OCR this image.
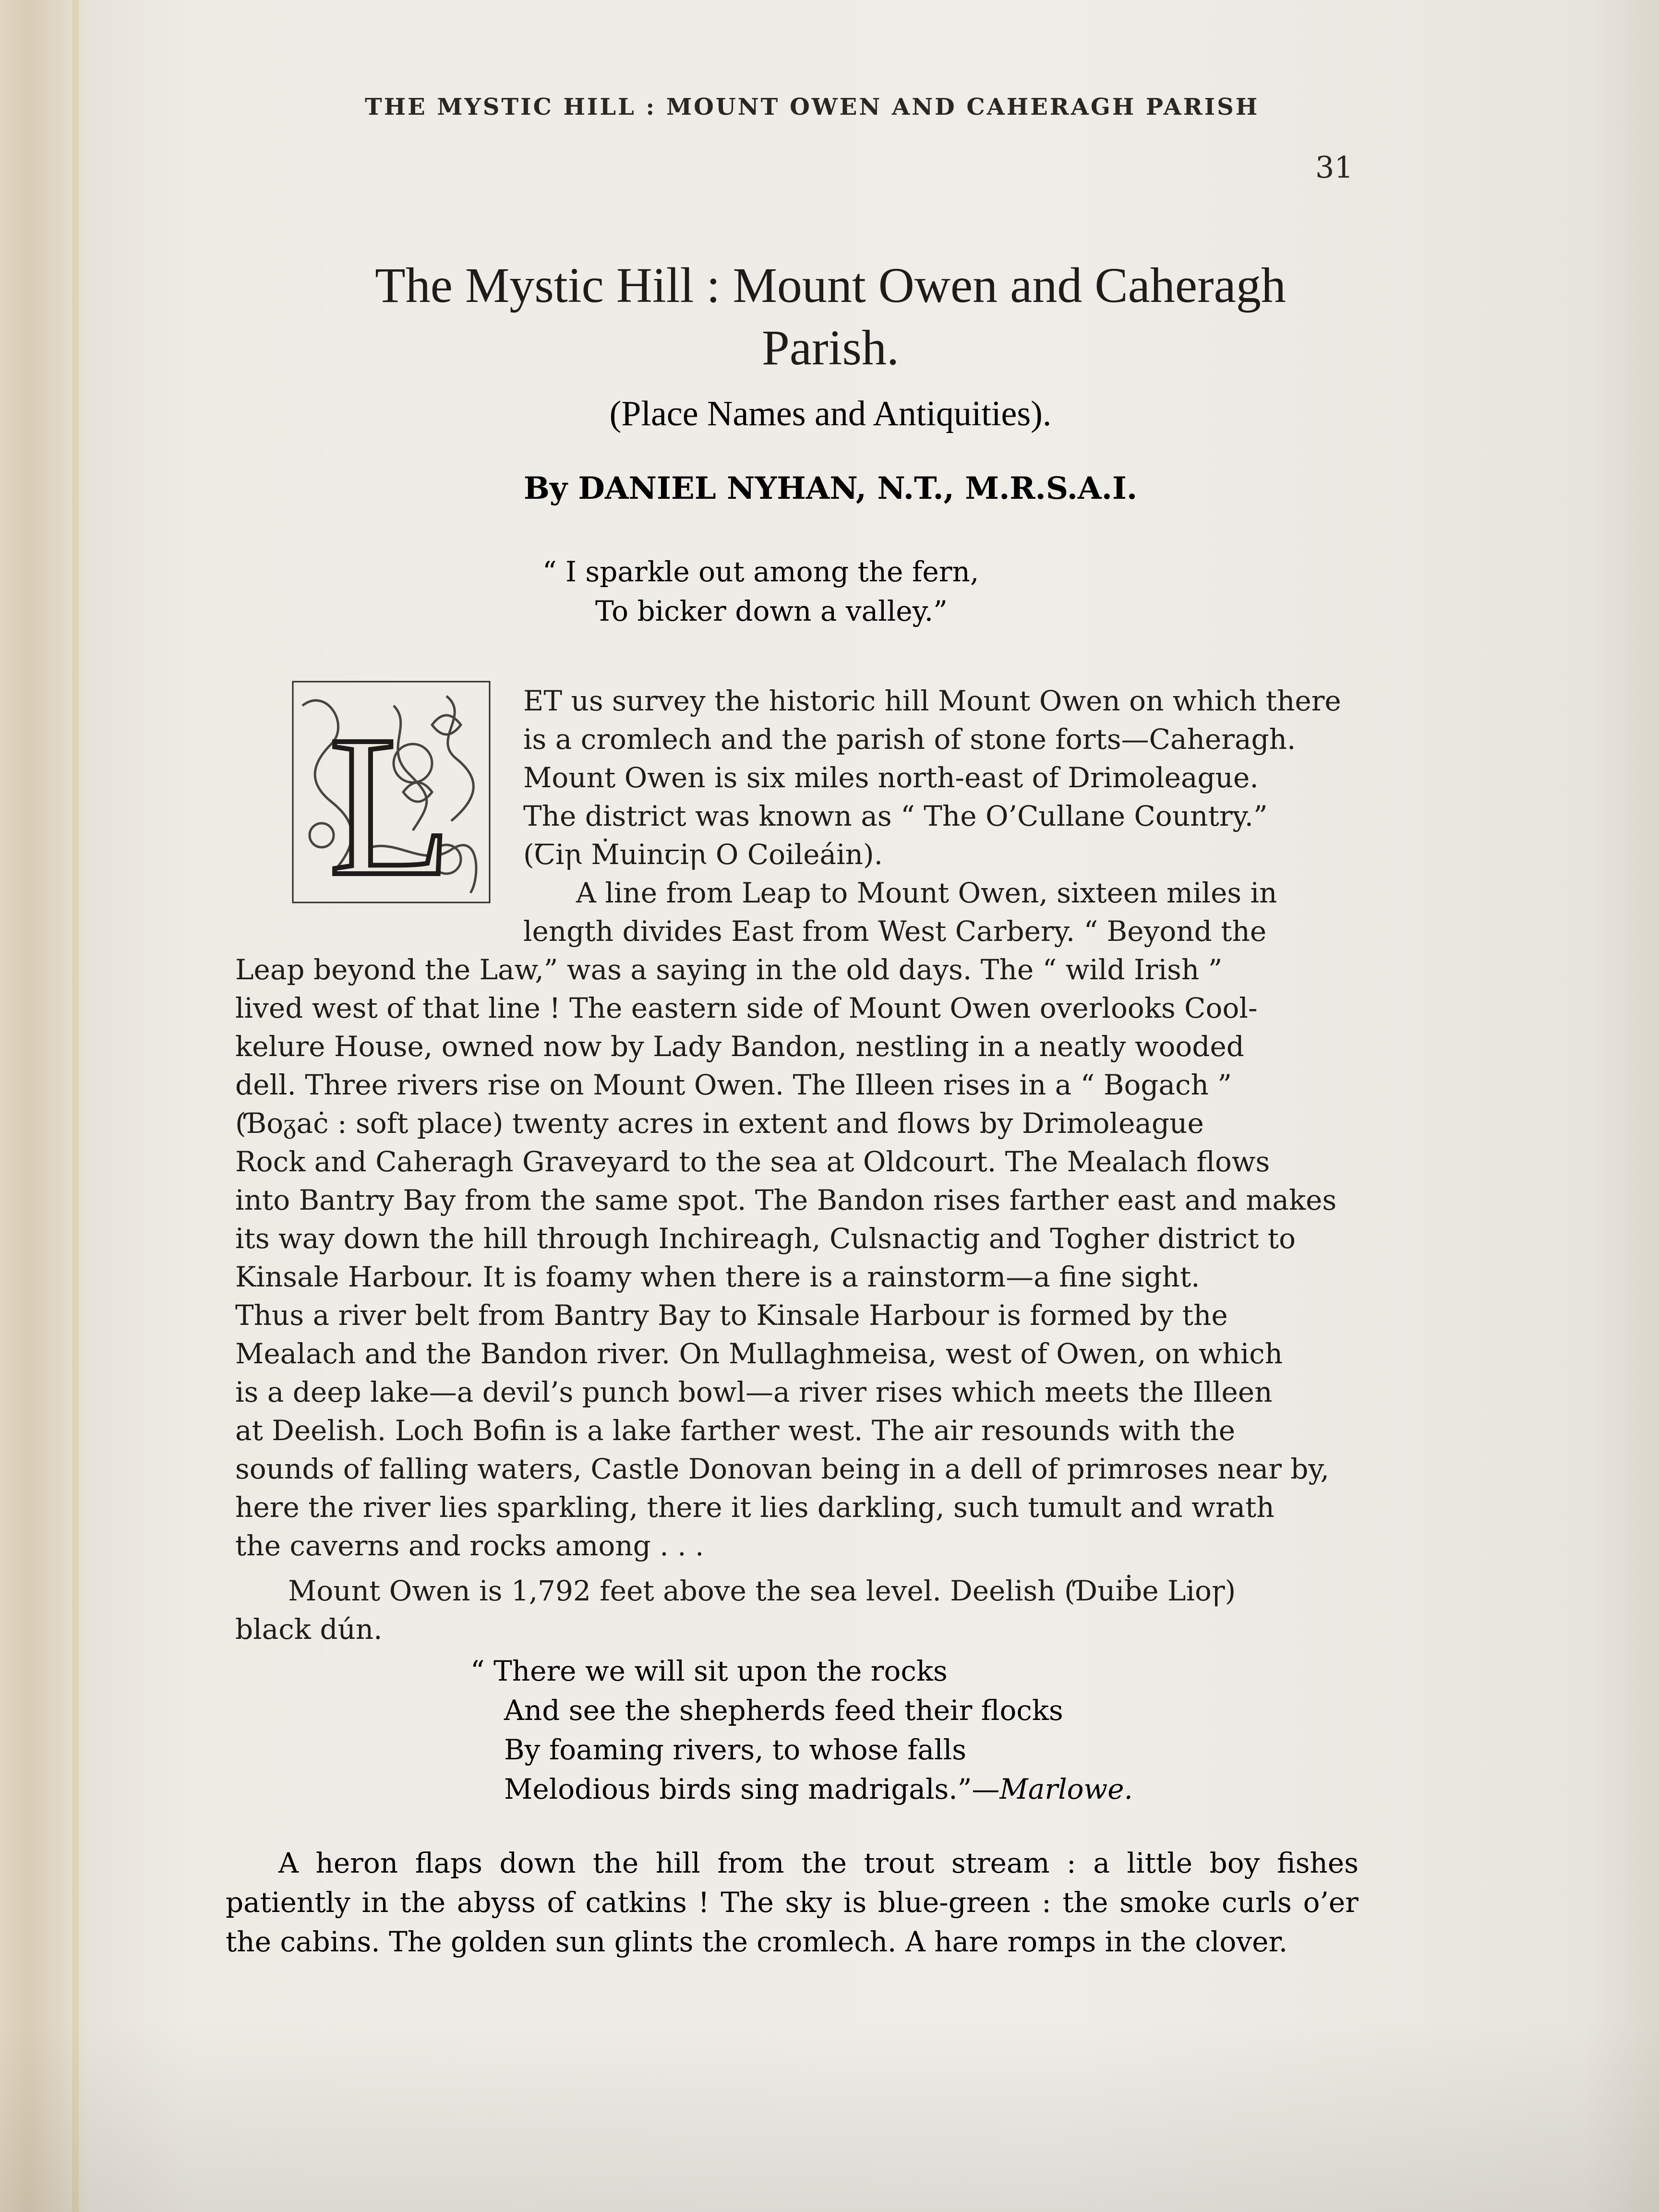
THE MYSTIC HILL : MOUNT OWEN AND CAHERAGH PARISH
31
The Mystic Hill : Mount Owen and Caheragh
Parish.
(Place Names and Antiquities).
By DANIEL NYHAN, N.T., M.R.S.A.I.
“ I sparkle out among the fern,
To bicker down a valley.”
L	ET us survey the historic hill Mount Owen on which there
is a cromlech and the parish of stone forts—Caheragh.
Mount Owen is six miles north-east of Drimoleague.
The district was known as “ The O’Cullane Country.”
(Ꞇiꞃ Ṁuinꞇiꞃ O Coileáin).
A line from Leap to Mount Owen, sixteen miles in
length divides East from West Carbery. “ Beyond the
Leap beyond the Law,” was a saying in the old days. The “ wild Irish ”
lived west of that line ! The eastern side of Mount Owen overlooks Cool-
kelure House, owned now by Lady Bandon, nestling in a neatly wooded
dell. Three rivers rise on Mount Owen. The Illeen rises in a “ Bogach ”
(Ɓoᵹaċ : soft place) twenty acres in extent and flows by Drimoleague
Rock and Caheragh Graveyard to the sea at Oldcourt. The Mealach flows
into Bantry Bay from the same spot. The Bandon rises farther east and makes
its way down the hill through Inchireagh, Culsnactig and Togher district to
Kinsale Harbour. It is foamy when there is a rainstorm—a fine sight.
Thus a river belt from Bantry Bay to Kinsale Harbour is formed by the
Mealach and the Bandon river. On Mullaghmeisa, west of Owen, on which
is a deep lake—a devil’s punch bowl—a river rises which meets the Illeen
at Deelish. Loch Bofin is a lake farther west. The air resounds with the
sounds of falling waters, Castle Donovan being in a dell of primroses near by,
here the river lies sparkling, there it lies darkling, such tumult and wrath
the caverns and rocks among . . .
Mount Owen is 1,792 feet above the sea level. Deelish (Ɗuiḃe Lioꞅ)
black dún.
“ There we will sit upon the rocks
And see the shepherds feed their flocks
By foaming rivers, to whose falls
Melodious birds sing madrigals.”—Marlowe.
A heron flaps down the hill from the trout stream : a little boy fishes patiently in the abyss of catkins ! The sky is blue-green : the smoke curls o’er the cabins. The golden sun glints the cromlech. A hare romps in the clover.
